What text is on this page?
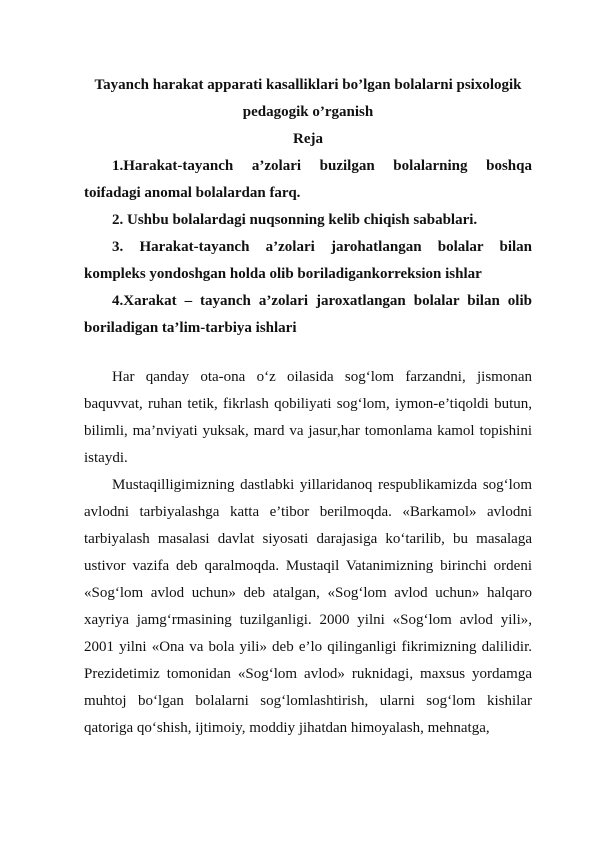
Tayanch harakat apparati kasalliklari bo’lgan bolalarni psixologik pedagogik o’rganish

Reja

1.Harakat-tayanch a’zolari buzilgan bolalarning boshqa toifadagi anomal bolalardan farq.

2. Ushbu bolalardagi nuqsonning kelib chiqish sabablari.

3. Harakat-tayanch a’zolari jarohatlangan bolalar bilan kompleks yondoshgan holda olib boriladigankorreksion ishlar

4.Xarakat – tayanch a’zolari jaroxatlangan bolalar bilan olib boriladigan ta’lim-tarbiya ishlari

Har qanday ota-ona o‘z oilasida sog‘lom farzandni, jismonan baquvvat, ruhan tetik, fikrlash qobiliyati sog‘lom, iymon-e’tiqoldi butun, bilimli, ma’nviyati yuksak, mard va jasur,har tomonlama kamol topishini istaydi.

Mustaqilligimizning dastlabki yillaridanoq respublikamizda sog‘lom avlodni tarbiyalashga katta e’tibor berilmoqda. «Barkamol» avlodni tarbiyalash masalasi davlat siyosati darajasiga ko‘tarilib, bu masalaga ustivor vazifa deb qaralmoqda. Mustaqil Vatanimizning birinchi ordeni «Sog‘lom avlod uchun» deb atalgan, «Sog‘lom avlod uchun» halqaro xayriya jamg‘rmasining tuzilganligi. 2000 yilni «Sog‘lom avlod yili», 2001 yilni «Ona va bola yili» deb e’lo qilinganligi fikrimizning dalilidir. Prezidetimiz tomonidan «Sog‘lom avlod» ruknidagi, maxsus yordamga muhtoj bo‘lgan bolalarni sog‘lomlashtirish, ularni sog‘lom kishilar qatoriga qo‘shish, ijtimoiy, moddiy jihatdan himoyalash, mehnatga,
